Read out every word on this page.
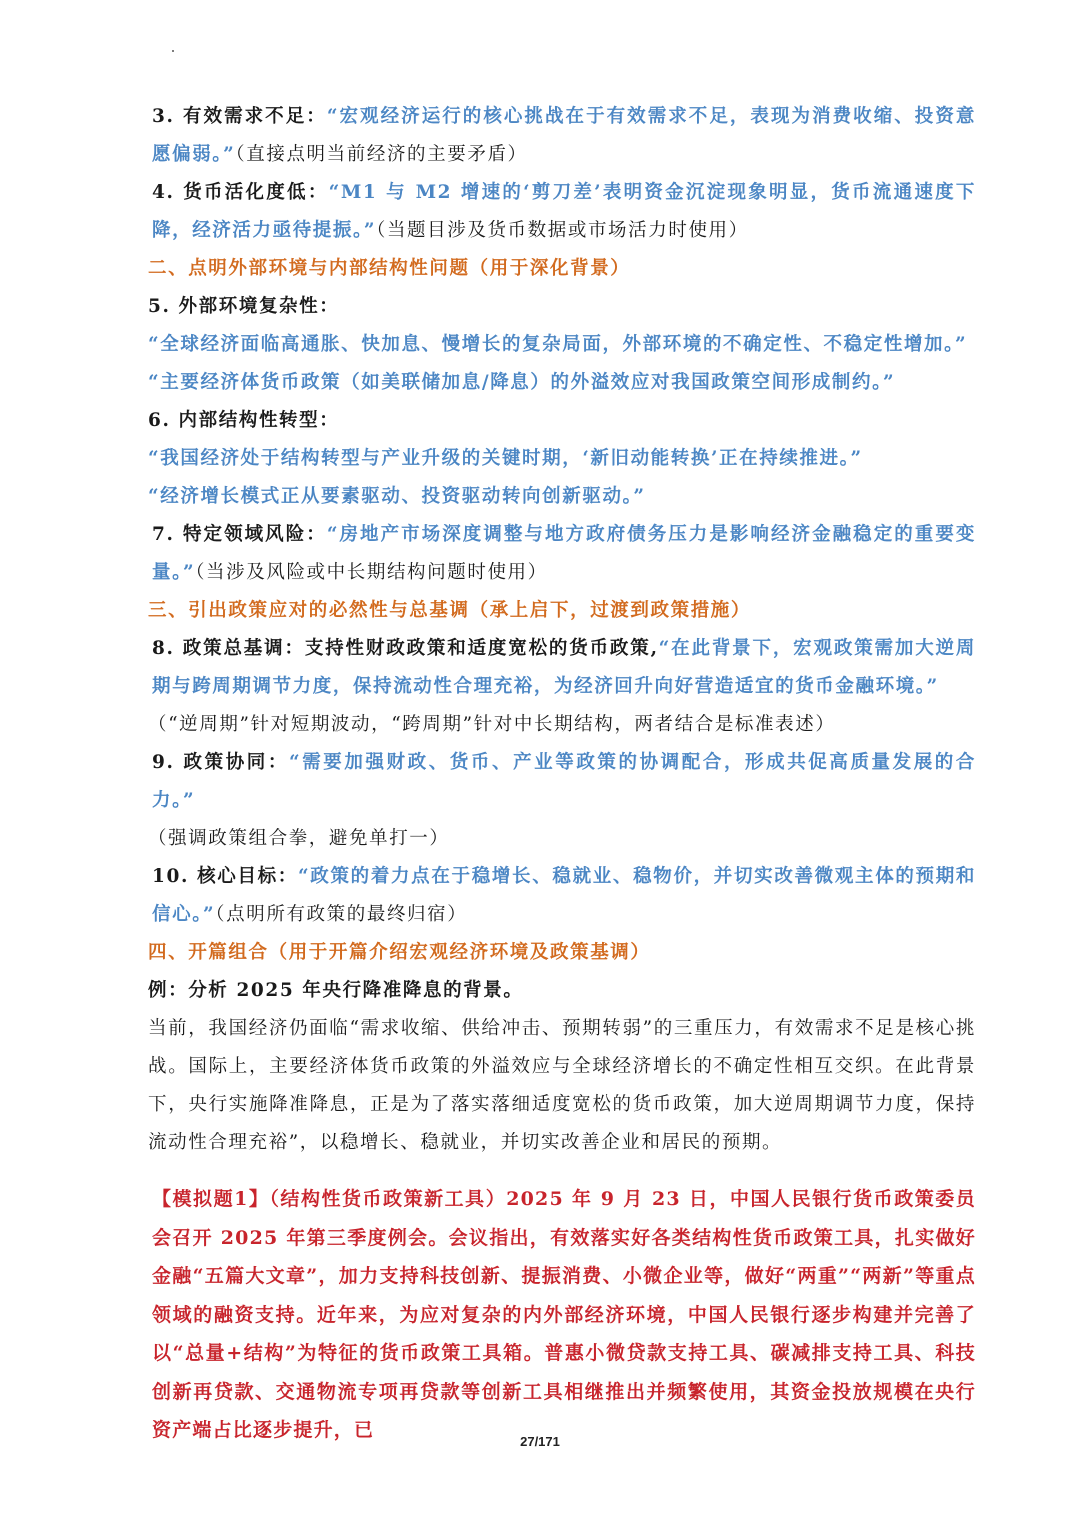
3. 有效需求不足：“宏观经济运行的核心挑战在于有效需求不足，表现为消费收缩、投资意愿偏弱。”（直接点明当前经济的主要矛盾）

4. 货币活化度低：“M1 与 M2 增速的‘剪刀差’表明资金沉淀现象明显，货币流通速度下降，经济活力亟待提振。”（当题目涉及货币数据或市场活力时使用）

二、点明外部环境与内部结构性问题（用于深化背景）

5. 外部环境复杂性：

“全球经济面临高通胀、快加息、慢增长的复杂局面，外部环境的不确定性、不稳定性增加。”

“主要经济体货币政策（如美联储加息/降息）的外溢效应对我国政策空间形成制约。”

6. 内部结构性转型：

“我国经济处于结构转型与产业升级的关键时期，‘新旧动能转换’正在持续推进。”

“经济增长模式正从要素驱动、投资驱动转向创新驱动。”

7. 特定领域风险：“房地产市场深度调整与地方政府债务压力是影响经济金融稳定的重要变量。”（当涉及风险或中长期结构问题时使用）

三、引出政策应对的必然性与总基调（承上启下，过渡到政策措施）

8. 政策总基调：支持性财政政策和适度宽松的货币政策,“在此背景下，宏观政策需加大逆周期与跨周期调节力度，保持流动性合理充裕，为经济回升向好营造适宜的货币金融环境。”

（“逆周期”针对短期波动，“跨周期”针对中长期结构，两者结合是标准表述）

9. 政策协同：“需要加强财政、货币、产业等政策的协调配合，形成共促高质量发展的合力。”

（强调政策组合拳，避免单打一）

10. 核心目标：“政策的着力点在于稳增长、稳就业、稳物价，并切实改善微观主体的预期和信心。”（点明所有政策的最终归宿）

四、开篇组合（用于开篇介绍宏观经济环境及政策基调）

例：分析 2025 年央行降准降息的背景。

当前，我国经济仍面临“需求收缩、供给冲击、预期转弱”的三重压力，有效需求不足是核心挑战。国际上，主要经济体货币政策的外溢效应与全球经济增长的不确定性相互交织。在此背景下，央行实施降准降息，正是为了落实落细适度宽松的货币政策，加大逆周期调节力度，保持流动性合理充裕”，以稳增长、稳就业，并切实改善企业和居民的预期。

【模拟题1】（结构性货币政策新工具）2025 年 9 月 23 日，中国人民银行货币政策委员会召开 2025 年第三季度例会。会议指出，有效落实好各类结构性货币政策工具，扎实做好金融“五篇大文章”，加力支持科技创新、提振消费、小微企业等，做好“两重”“两新”等重点领域的融资支持。近年来，为应对复杂的内外部经济环境，中国人民银行逐步构建并完善了以“总量+结构”为特征的货币政策工具箱。普惠小微贷款支持工具、碳减排支持工具、科技创新再贷款、交通物流专项再贷款等创新工具相继推出并频繁使用，其资金投放规模在央行资产端占比逐步提升，已

27/171
